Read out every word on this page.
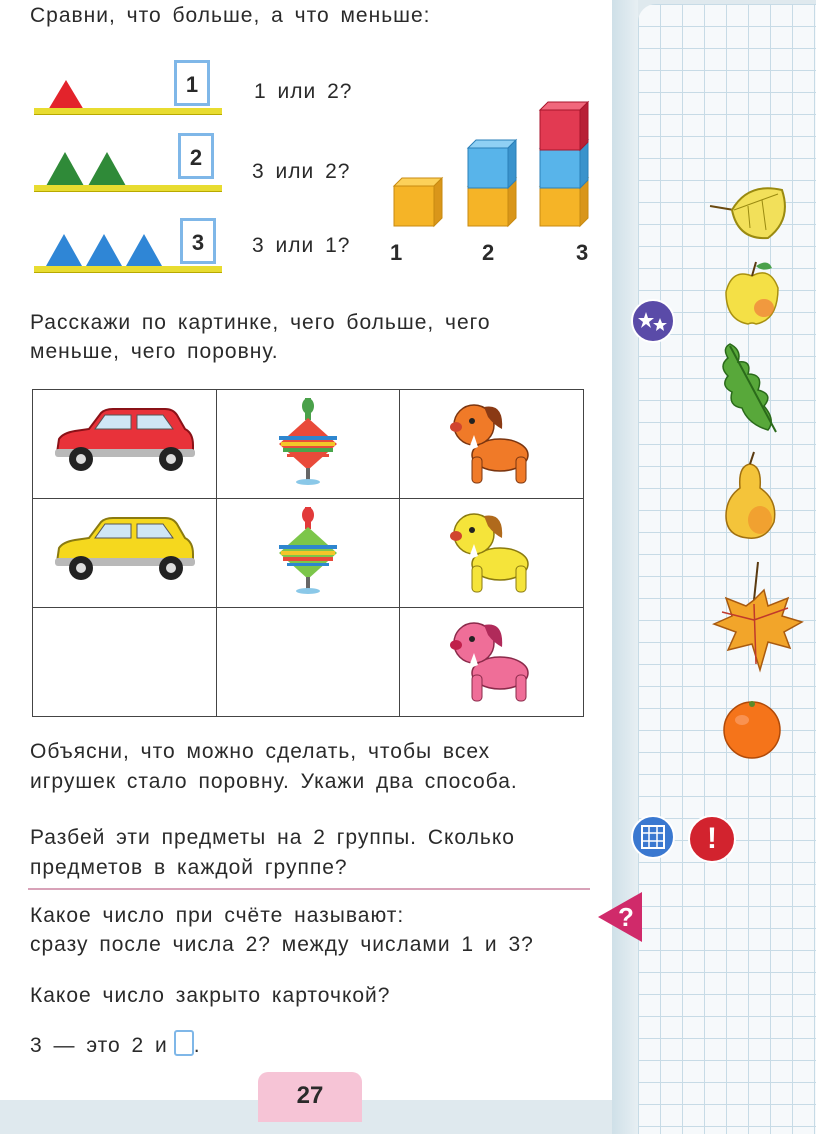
Сравни, что больше, а что меньше:
1	1 или 2?
2
3 или 2?
3	3 или 1? 1	2	3
Расскажи по картинке, чего больше, чего
меньше, чего поровну.

Объясни, что можно сделать, чтобы всех
игрушек стало поровну. Укажи два способа.
Разбей эти предметы на 2 группы. Сколько
предметов в каждой группе?
Какое число при счёте называют:
сразу после числа 2? между числами 1 и 3?
Какое число закрыто карточкой?
3 — это 2 и .
27
!
?
